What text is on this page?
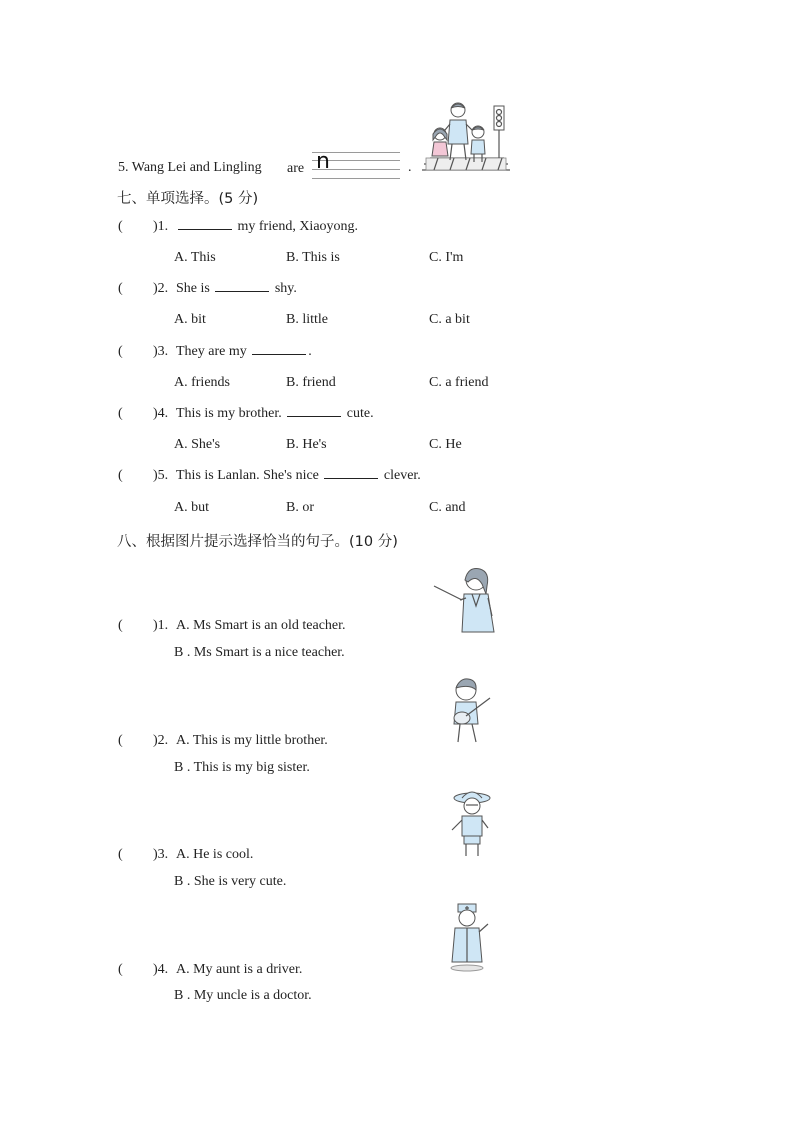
5. Wang Lei and Lingling are n	.
七、单项选择。(5 分)
( )1.	my friend, Xiaoyong.
A. This	B. This is	C. I'm
( )2. She is	shy.
A. bit	B. little	C. a bit
( )3. They are my	.
A. friends	B. friend	C. a friend
( )4. This is my brother.	cute.
A. She's	B. He's	C. He
( )5. This is Lanlan. She's nice	clever.
A. but	B. or	C. and
八、根据图片提示选择恰当的句子。(10 分)
( )1. A. Ms Smart is an old teacher.
B . Ms Smart is a nice teacher.
( )2. A. This is my little brother.
B . This is my big sister.
( )3. A. He is cool.
B . She is very cute.
( )4. A. My aunt is a driver.
B . My uncle is a doctor.
